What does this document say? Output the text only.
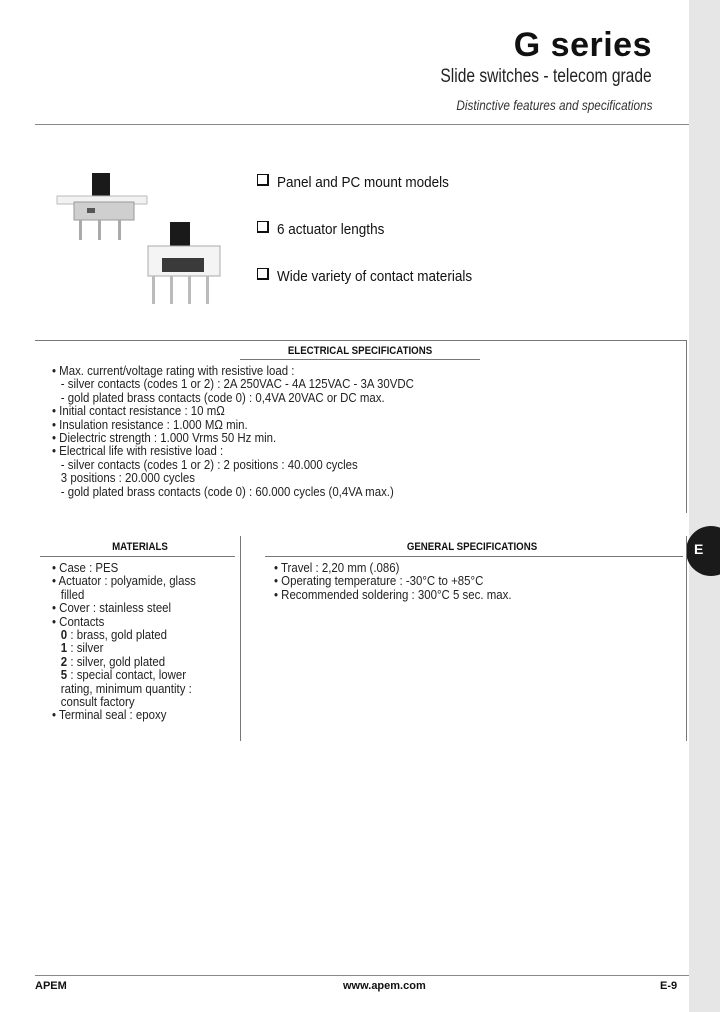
E
G series
Slide switches - telecom grade
Distinctive features and specifications
Panel and PC mount models
6 actuator lengths
Wide variety of contact materials
ELECTRICAL SPECIFICATIONS
• Max. current/voltage rating with resistive load :
- silver contacts (codes 1 or 2) : 2A 250VAC - 4A 125VAC - 3A 30VDC
- gold plated brass contacts (code 0) : 0,4VA 20VAC or DC max.
• Initial contact resistance : 10 mΩ
• Insulation resistance : 1.000 MΩ min.
• Dielectric strength : 1.000 Vrms 50 Hz min.
• Electrical life with resistive load :
- silver contacts (codes 1 or 2) : 2 positions : 40.000 cycles
3 positions : 20.000 cycles
- gold plated brass contacts (code 0) : 60.000 cycles (0,4VA max.)
MATERIALS
• Case : PES
• Actuator : polyamide, glass
filled
• Cover : stainless steel
• Contacts
0 : brass, gold plated
1 : silver
2 : silver, gold plated
5 : special contact, lower
rating, minimum quantity :
consult factory
• Terminal seal : epoxy
GENERAL SPECIFICATIONS
• Travel : 2,20 mm (.086)
• Operating temperature : -30°C to +85°C
• Recommended soldering : 300°C 5 sec. max.
APEM	www.apem.com	E-9
